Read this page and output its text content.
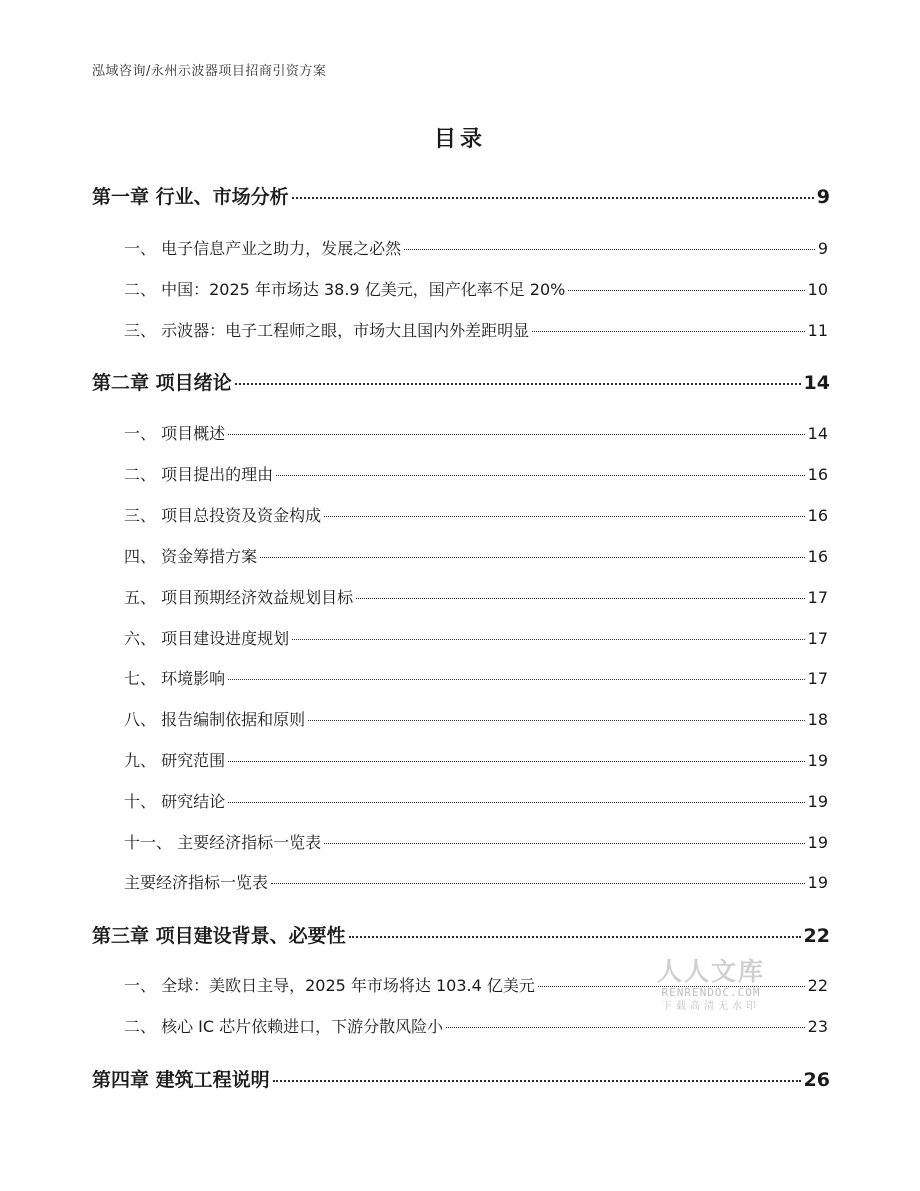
泓域咨询/永州示波器项目招商引资方案
目录
第一章 行业、市场分析	9
一、 电子信息产业之助力，发展之必然	9
二、 中国：2025 年市场达 38.9 亿美元，国产化率不足 20%	10
三、 示波器：电子工程师之眼，市场大且国内外差距明显	11
第二章 项目绪论	14
一、 项目概述	14
二、 项目提出的理由	16
三、 项目总投资及资金构成	16
四、 资金筹措方案	16
五、 项目预期经济效益规划目标	17
六、 项目建设进度规划	17
七、 环境影响	17
八、 报告编制依据和原则	18
九、 研究范围	19
十、 研究结论	19
十一、 主要经济指标一览表	19
主要经济指标一览表	19
第三章 项目建设背景、必要性	22
一、 全球：美欧日主导，2025 年市场将达 103.4 亿美元	22
二、 核心 IC 芯片依赖进口，下游分散风险小	23
第四章 建筑工程说明	26
人人文库
RENRENDOC.COM
下载高清无水印
